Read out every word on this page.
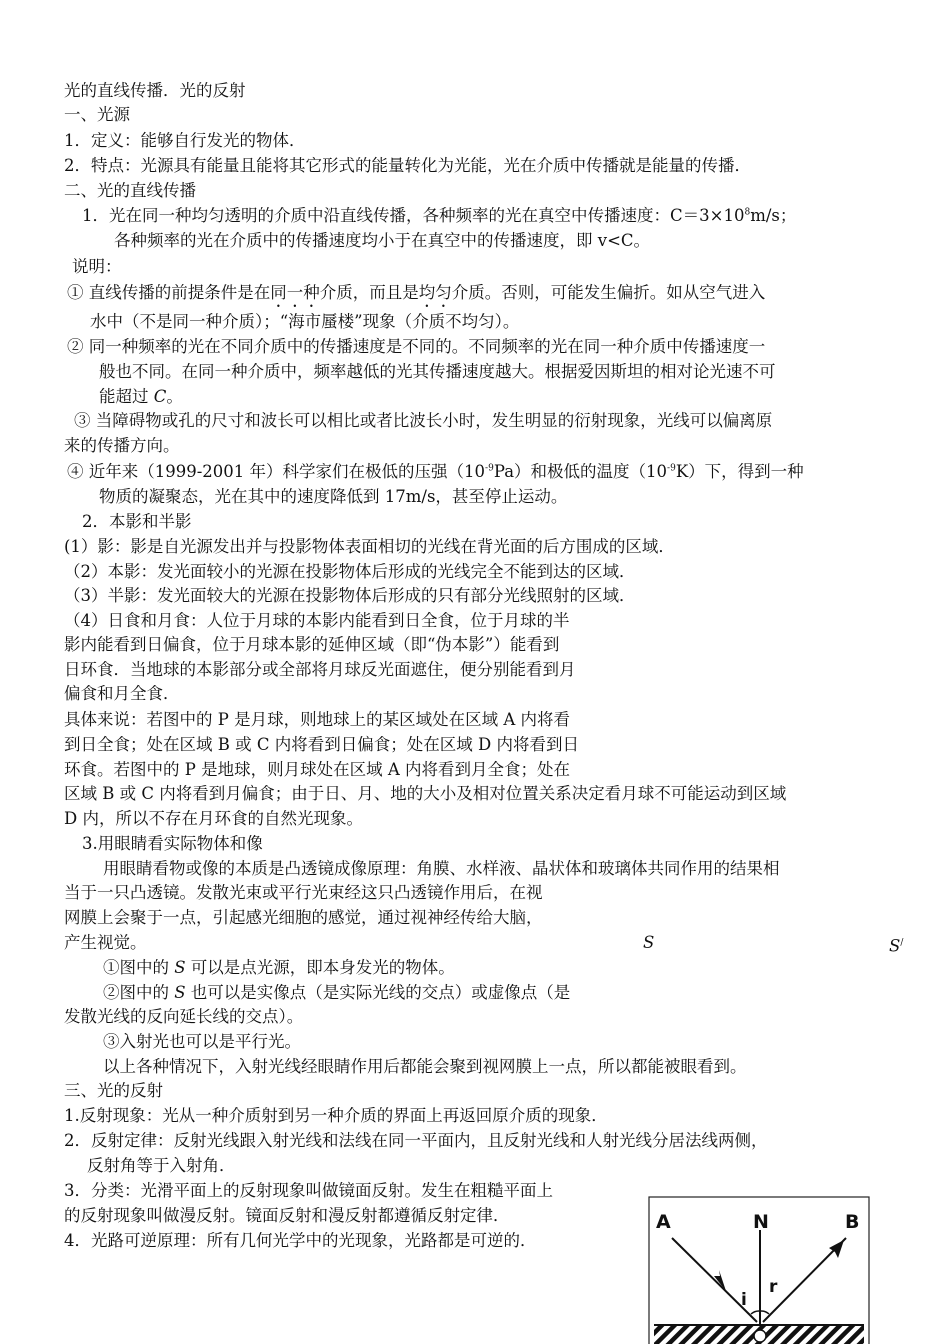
光的直线传播．光的反射
一、光源
1．定义：能够自行发光的物体．
2．特点：光源具有能量且能将其它形式的能量转化为光能，光在介质中传播就是能量的传播．
二、光的直线传播
1．光在同一种均匀透明的介质中沿直线传播，各种频率的光在真空中传播速度：$C=3\times 10^8m/s$；
各种频率的光在介质中的传播速度均小于在真空中的传播速度，即 v<C。
说明：
① 直线传播的前提条件是在同一种介质，而且是均匀介质。否则，可能发生偏折。如从空气进入
水中（不是同一种介质）；“海市蜃楼”现象（介质不均匀）。
② 同一种频率的光在不同介质中的传播速度是不同的。不同频率的光在同一种介质中传播速度一
般也不同。在同一种介质中，频率越低的光其传播速度越大。根据爱因斯坦的相对论光速不可
能超过 C。
③ 当障碍物或孔的尺寸和波长可以相比或者比波长小时，发生明显的衍射现象，光线可以偏离原
来的传播方向。
④ 近年来（1999-2001 年）科学家们在极低的压强$(10^{-9}Pa)$和极低的温度$(10^{-9}K)$下，得到一种
物质的凝聚态，光在其中的速度降低到 17m/s，甚至停止运动。
2．本影和半影
(1）影：影是自光源发出并与投影物体表面相切的光线在背光面的后方围成的区域．
（2）本影：发光面较小的光源在投影物体后形成的光线完全不能到达的区域．
（3）半影：发光面较大的光源在投影物体后形成的只有部分光线照射的区域．
（4）日食和月食：人位于月球的本影内能看到日全食，位于月球的半
影内能看到日偏食，位于月球本影的延伸区域（即“伪本影”）能看到
日环食．当地球的本影部分或全部将月球反光面遮住，便分别能看到月
偏食和月全食．
具体来说：若图中的 P 是月球，则地球上的某区域处在区域 A 内将看
到日全食；处在区域 B 或 C 内将看到日偏食；处在区域 D 内将看到日
环食。若图中的 P 是地球，则月球处在区域 A 内将看到月全食；处在
区域 B 或 C 内将看到月偏食；由于日、月、地的大小及相对位置关系决定看月球不可能运动到区域
D 内，所以不存在月环食的自然光现象。
3.用眼睛看实际物体和像
用眼睛看物或像的本质是凸透镜成像原理：角膜、水样液、晶状体和玻璃体共同作用的结果相
当于一只凸透镜。发散光束或平行光束经这只凸透镜作用后，在视
网膜上会聚于一点，引起感光细胞的感觉，通过视神经传给大脑，
产生视觉。	S	S/
①图中的 S 可以是点光源，即本身发光的物体。
②图中的 S 也可以是实像点（是实际光线的交点）或虚像点（是
发散光线的反向延长线的交点）。
③入射光也可以是平行光。
以上各种情况下，入射光线经眼睛作用后都能会聚到视网膜上一点，所以都能被眼看到。
三、光的反射
1.反射现象：光从一种介质射到另一种介质的界面上再返回原介质的现象．
2．反射定律：反射光线跟入射光线和法线在同一平面内，且反射光线和人射光线分居法线两侧，
反射角等于入射角．
3．分类：光滑平面上的反射现象叫做镜面反射。发生在粗糙平面上
的反射现象叫做漫反射。镜面反射和漫反射都遵循反射定律．
4．光路可逆原理：所有几何光学中的光现象，光路都是可逆的．
A	N	B
i
r
